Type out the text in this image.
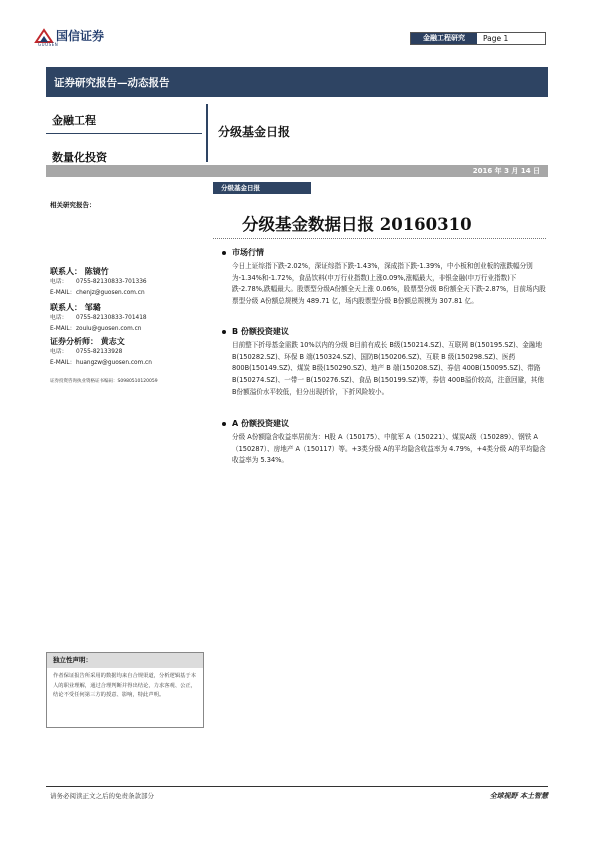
国信证券
GUOSEN
金融工程研究	Page 1
证券研究报告—动态报告
金融工程
数量化投资
分级基金日报
2016 年 3 月 14 日
相关研究报告：
联系人： 陈镜竹
电话： 0755-82130833-701336
E-MAIL：chenjz@guosen.com.cn
联系人： 邹璐
电话： 0755-82130833-701418
E-MAIL：zoulu@guosen.com.cn
证券分析师： 黄志文
电话： 0755-82133928
E-MAIL：huangzw@guosen.com.cn
证券投资咨询执业资格证书编码：S0980510120059
分级基金日报
分级基金数据日报 20160310
市场行情
今日上证综指下跌-2.02%，深证综指下跌-1.43%，深成指下跌-1.39%，中小板和创业板的涨跌幅分别为-1.34%和-1.72%，食品饮料(申万行业指数)上涨0.09%,涨幅最大，非银金融(申万行业指数)下跌-2.78%,跌幅最大。股票型分级A份额全天上涨 0.06%，股票型分级 B份额全天下跌-2.87%，目前场内股票型分级 A份额总规模为 489.71 亿，场内股票型分级 B份额总规模为 307.81 亿。
B 份额投资建议
目前整下折母基金需跌 10%以内的分级 B目前有成长 B级(150214.SZ)、互联网 B(150195.SZ)、金融地 B(150282.SZ)、环保 B 端(150324.SZ)、国防B(150206.SZ)、互联 B 级(150298.SZ)、医药 800B(150149.SZ)、煤炭 B级(150290.SZ)、地产 B 端(150208.SZ)、券信 400B(150095.SZ)、带路B(150274.SZ)、一带一 B(150276.SZ)、食品 B(150199.SZ)等，券信 400B溢价较高，注意回避，其他 B份额溢价水平较低，但分出现折价，下折风险较小。
A 份额投资建议
分级 A份额隐含收益率居前为：H股 A（150175）、中航军 A（150221）、煤炭A级（150289）、钢铁 A（150287）、房地产 A（150117）等。+3类分级 A的平均隐含收益率为 4.79%，+4类分级 A的平均隐含收益率为 5.34%。
独立性声明：
作者保证报告所采用的数据均来自合规渠道，分析逻辑基于本人的职业理解，通过合理判断并得出结论，力求客观、公正，结论不受任何第三方的授意、影响，特此声明。
请务必阅读正文之后的免责条款部分	全球视野 本土智慧
